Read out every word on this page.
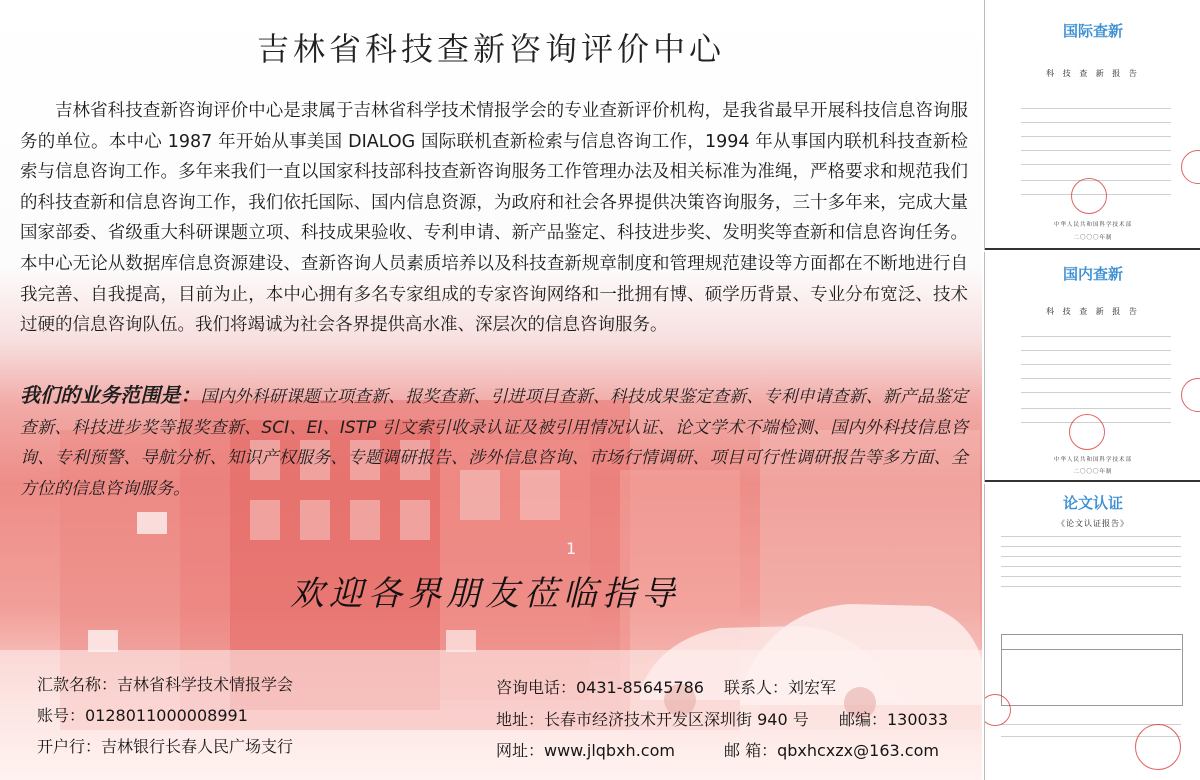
1
吉林省科技查新咨询评价中心

吉林省科技查新咨询评价中心是隶属于吉林省科学技术情报学会的专业查新评价机构，是我省最早开展科技信息咨询服务的单位。本中心 1987 年开始从事美国 DIALOG 国际联机查新检索与信息咨询工作，1994 年从事国内联机科技查新检索与信息咨询工作。多年来我们一直以国家科技部科技查新咨询服务工作管理办法及相关标准为准绳，严格要求和规范我们的科技查新和信息咨询工作，我们依托国际、国内信息资源，为政府和社会各界提供决策咨询服务，三十多年来，完成大量国家部委、省级重大科研课题立项、科技成果验收、专利申请、新产品鉴定、科技进步奖、发明奖等查新和信息咨询任务。本中心无论从数据库信息资源建设、查新咨询人员素质培养以及科技查新规章制度和管理规范建设等方面都在不断地进行自我完善、自我提高，目前为止，本中心拥有多名专家组成的专家咨询网络和一批拥有博、硕学历背景、专业分布宽泛、技术过硬的信息咨询队伍。我们将竭诚为社会各界提供高水准、深层次的信息咨询服务。

我们的业务范围是：国内外科研课题立项查新、报奖查新、引进项目查新、科技成果鉴定查新、专利申请查新、新产品鉴定查新、科技进步奖等报奖查新、SCI、EI、ISTP 引文索引收录认证及被引用情况认证、论文学术不端检测、国内外科技信息咨询、专利预警、导航分析、知识产权服务、专题调研报告、涉外信息咨询、市场行情调研、项目可行性调研报告等多方面、全方位的信息咨询服务。

欢迎各界朋友莅临指导
汇款名称：吉林省科学技术情报学会
账号：0128011000008991
开户行：吉林银行长春人民广场支行
咨询电话：0431-85645786 联系人：刘宏军
地址：长春市经济技术开发区深圳街 940 号 邮编：130033
网址：www.jlqbxh.com	邮 箱：qbxhcxzx@163.com
国际查新
科 技 查 新 报 告
中华人民共和国科学技术部
二〇〇〇年制
国内查新
科 技 查 新 报 告
中华人民共和国科学技术部
二〇〇〇年制
论文认证
《论文认证报告》
